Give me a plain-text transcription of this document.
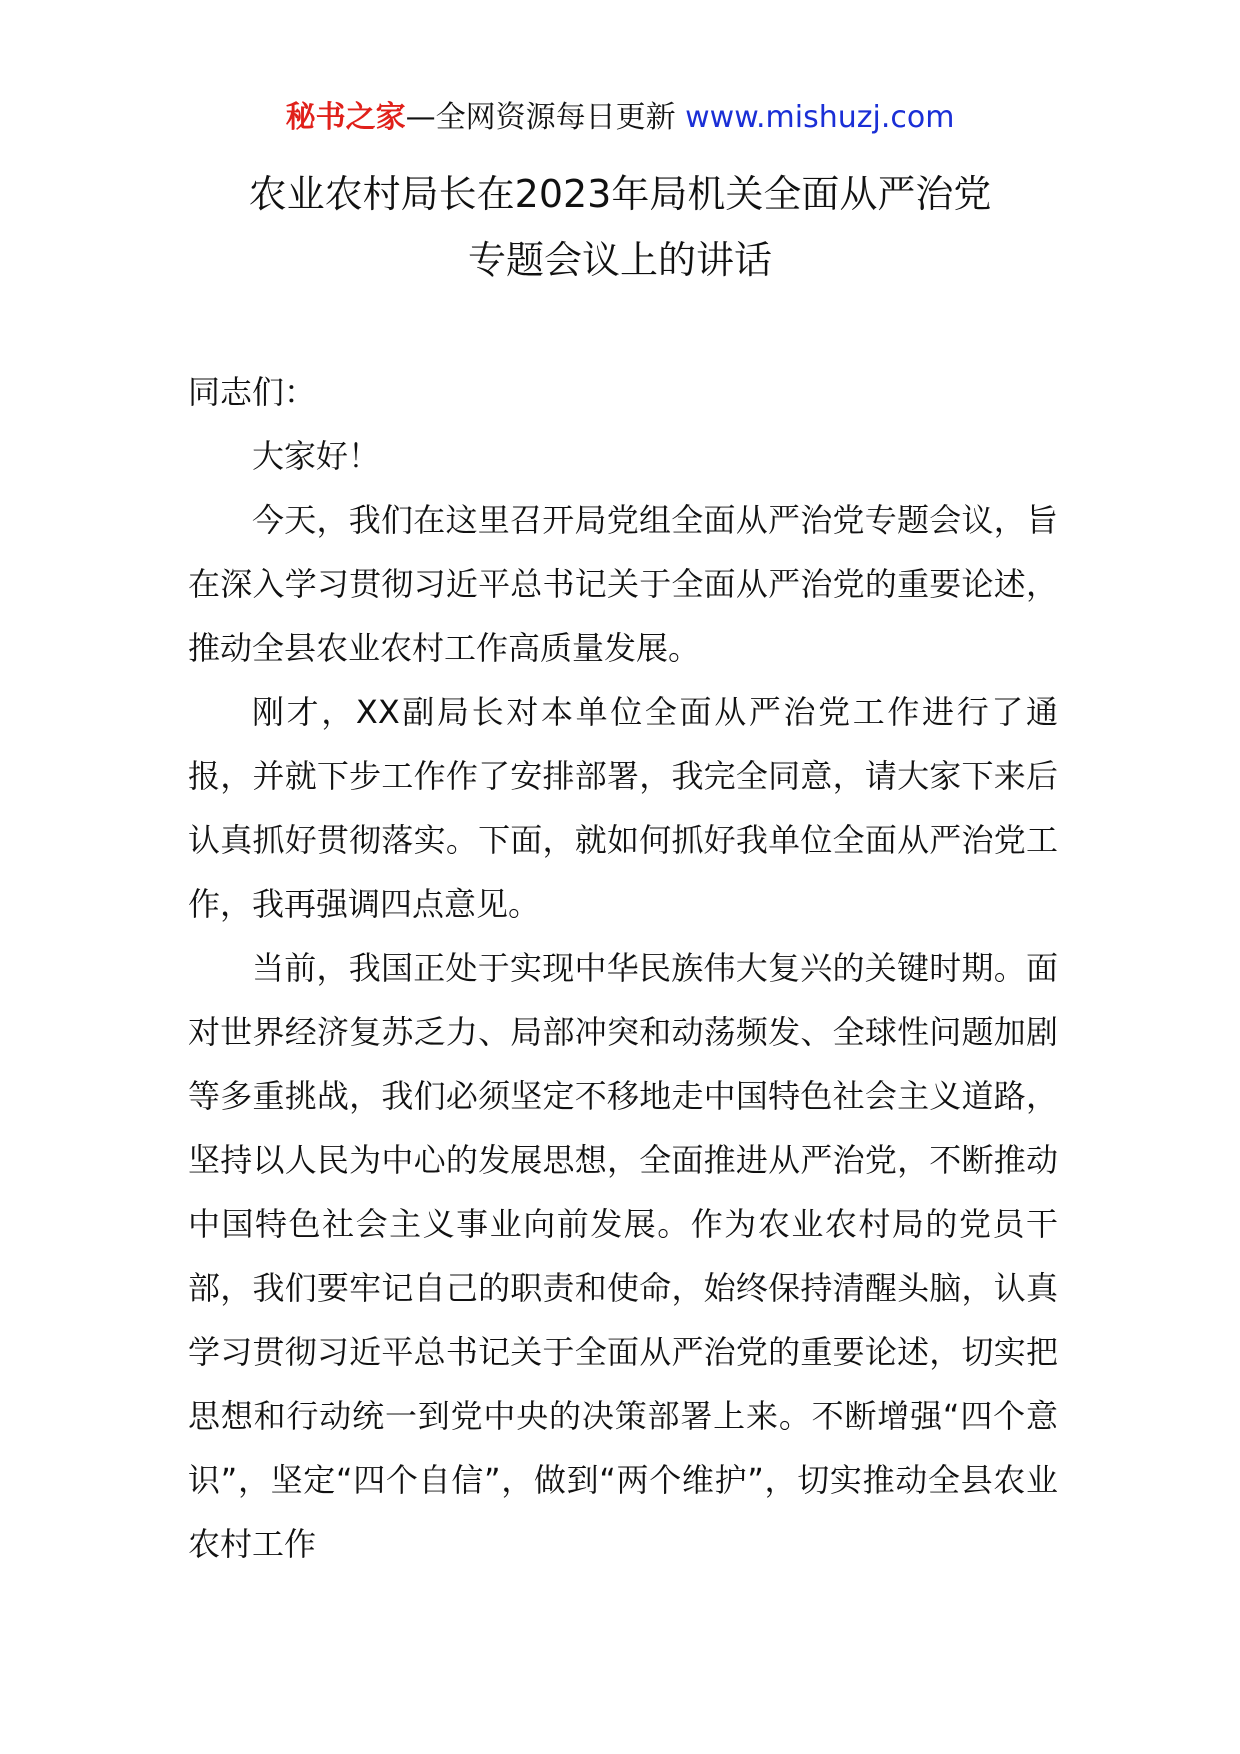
秘书之家—全网资源每日更新 www.mishuzj.com
农业农村局长在2023年局机关全面从严治党
专题会议上的讲话

同志们：

大家好！

今天，我们在这里召开局党组全面从严治党专题会议，旨在深入学习贯彻习近平总书记关于全面从严治党的重要论述，推动全县农业农村工作高质量发展。

刚才，XX副局长对本单位全面从严治党工作进行了通报，并就下步工作作了安排部署，我完全同意，请大家下来后认真抓好贯彻落实。下面，就如何抓好我单位全面从严治党工作，我再强调四点意见。

当前，我国正处于实现中华民族伟大复兴的关键时期。面对世界经济复苏乏力、局部冲突和动荡频发、全球性问题加剧等多重挑战，我们必须坚定不移地走中国特色社会主义道路，坚持以人民为中心的发展思想，全面推进从严治党，不断推动中国特色社会主义事业向前发展。作为农业农村局的党员干部，我们要牢记自己的职责和使命，始终保持清醒头脑，认真学习贯彻习近平总书记关于全面从严治党的重要论述，切实把思想和行动统一到党中央的决策部署上来。不断增强“四个意识”，坚定“四个自信”，做到“两个维护”，切实推动全县农业农村工作
